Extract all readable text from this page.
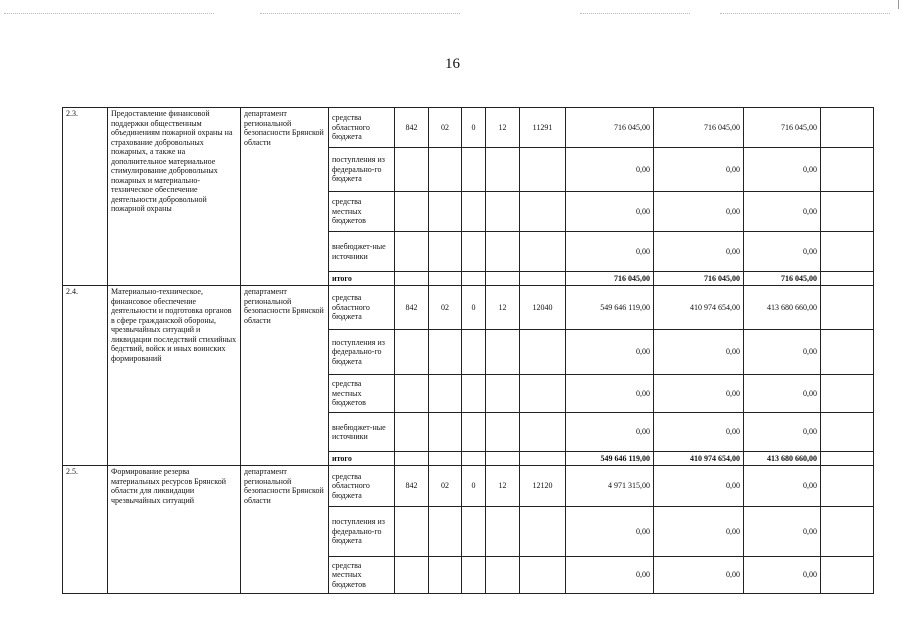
16
2.3.	Предоставление финансовой поддержки общественным объединениям пожарной охраны на страхование добровольных пожарных, а также на дополнительное материальное стимулирование добровольных пожарных и материально-техническое обеспечение деятельности добровольной пожарной охраны	департамент региональной безопасности Брянской области	средства областного бюджета	842	02	0	12	11291	716 045,00	716 045,00	716 045,00	
			поступления из федерально-го бюджета						0,00	0,00	0,00	
			средства местных бюджетов						0,00	0,00	0,00	
			внебюджет-ные источники						0,00	0,00	0,00	
			итого						716 045,00	716 045,00	716 045,00	
2.4.	Материально-техническое, финансовое обеспечение деятельности и подготовка органов в сфере гражданской обороны, чрезвычайных ситуаций и ликвидации последствий стихийных бедствий, войск и иных воинских формирований	департамент региональной безопасности Брянской области	средства областного бюджета	842	02	0	12	12040	549 646 119,00	410 974 654,00	413 680 660,00	
			поступления из федерально-го бюджета						0,00	0,00	0,00	
			средства местных бюджетов						0,00	0,00	0,00	
			внебюджет-ные источники						0,00	0,00	0,00	
			итого						549 646 119,00	410 974 654,00	413 680 660,00	
2.5.	Формирование резерва материальных ресурсов Брянской области для ликвидации чрезвычайных ситуаций	департамент региональной безопасности Брянской области	средства областного бюджета	842	02	0	12	12120	4 971 315,00	0,00	0,00	
			поступления из федерально-го бюджета						0,00	0,00	0,00	
			средства местных бюджетов						0,00	0,00	0,00	
